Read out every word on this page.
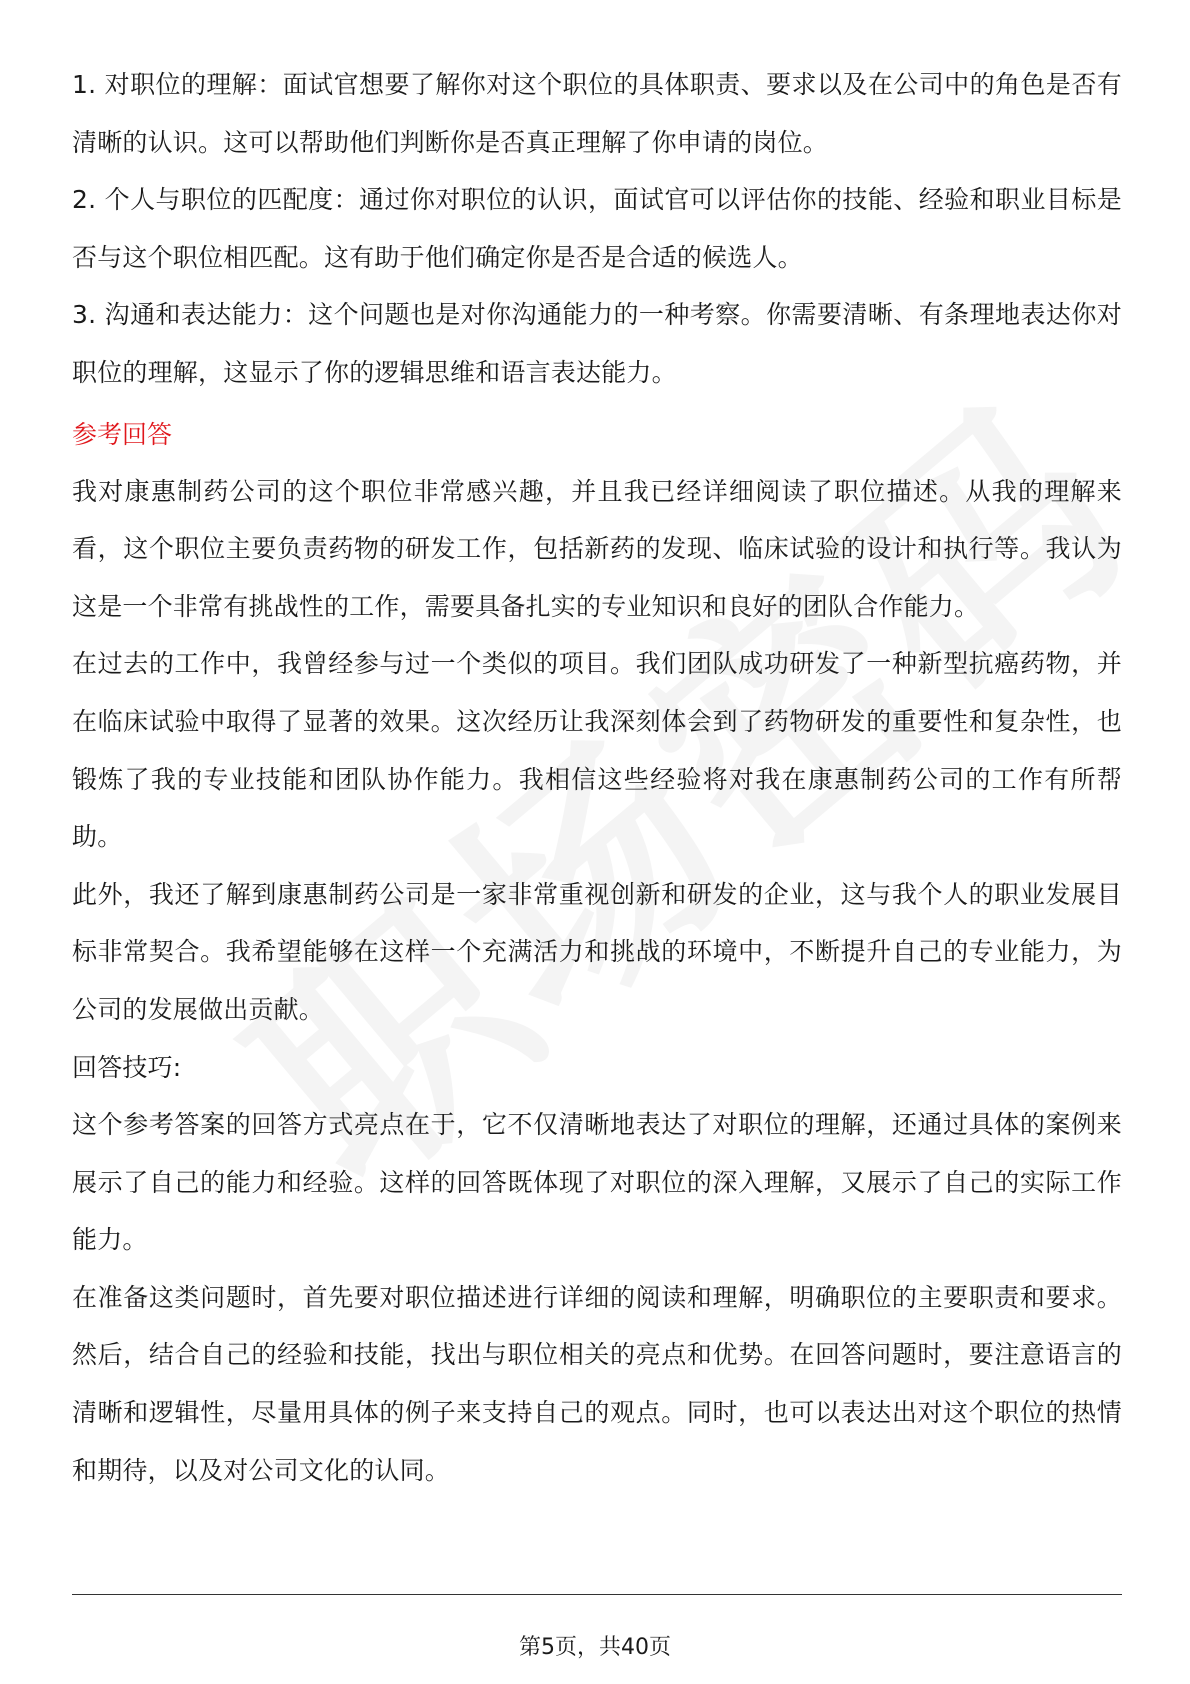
1. 对职位的理解：面试官想要了解你对这个职位的具体职责、要求以及在公司中的角色是否有清晰的认识。这可以帮助他们判断你是否真正理解了你申请的岗位。

2. 个人与职位的匹配度：通过你对职位的认识，面试官可以评估你的技能、经验和职业目标是否与这个职位相匹配。这有助于他们确定你是否是合适的候选人。

3. 沟通和表达能力：这个问题也是对你沟通能力的一种考察。你需要清晰、有条理地表达你对职位的理解，这显示了你的逻辑思维和语言表达能力。

参考回答

我对康惠制药公司的这个职位非常感兴趣，并且我已经详细阅读了职位描述。从我的理解来看，这个职位主要负责药物的研发工作，包括新药的发现、临床试验的设计和执行等。我认为这是一个非常有挑战性的工作，需要具备扎实的专业知识和良好的团队合作能力。

在过去的工作中，我曾经参与过一个类似的项目。我们团队成功研发了一种新型抗癌药物，并在临床试验中取得了显著的效果。这次经历让我深刻体会到了药物研发的重要性和复杂性，也锻炼了我的专业技能和团队协作能力。我相信这些经验将对我在康惠制药公司的工作有所帮助。

此外，我还了解到康惠制药公司是一家非常重视创新和研发的企业，这与我个人的职业发展目标非常契合。我希望能够在这样一个充满活力和挑战的环境中，不断提升自己的专业能力，为公司的发展做出贡献。

回答技巧:

这个参考答案的回答方式亮点在于，它不仅清晰地表达了对职位的理解，还通过具体的案例来展示了自己的能力和经验。这样的回答既体现了对职位的深入理解，又展示了自己的实际工作能力。

在准备这类问题时，首先要对职位描述进行详细的阅读和理解，明确职位的主要职责和要求。然后，结合自己的经验和技能，找出与职位相关的亮点和优势。在回答问题时，要注意语言的清晰和逻辑性，尽量用具体的例子来支持自己的观点。同时，也可以表达出对这个职位的热情和期待，以及对公司文化的认同。

第5页，共40页
